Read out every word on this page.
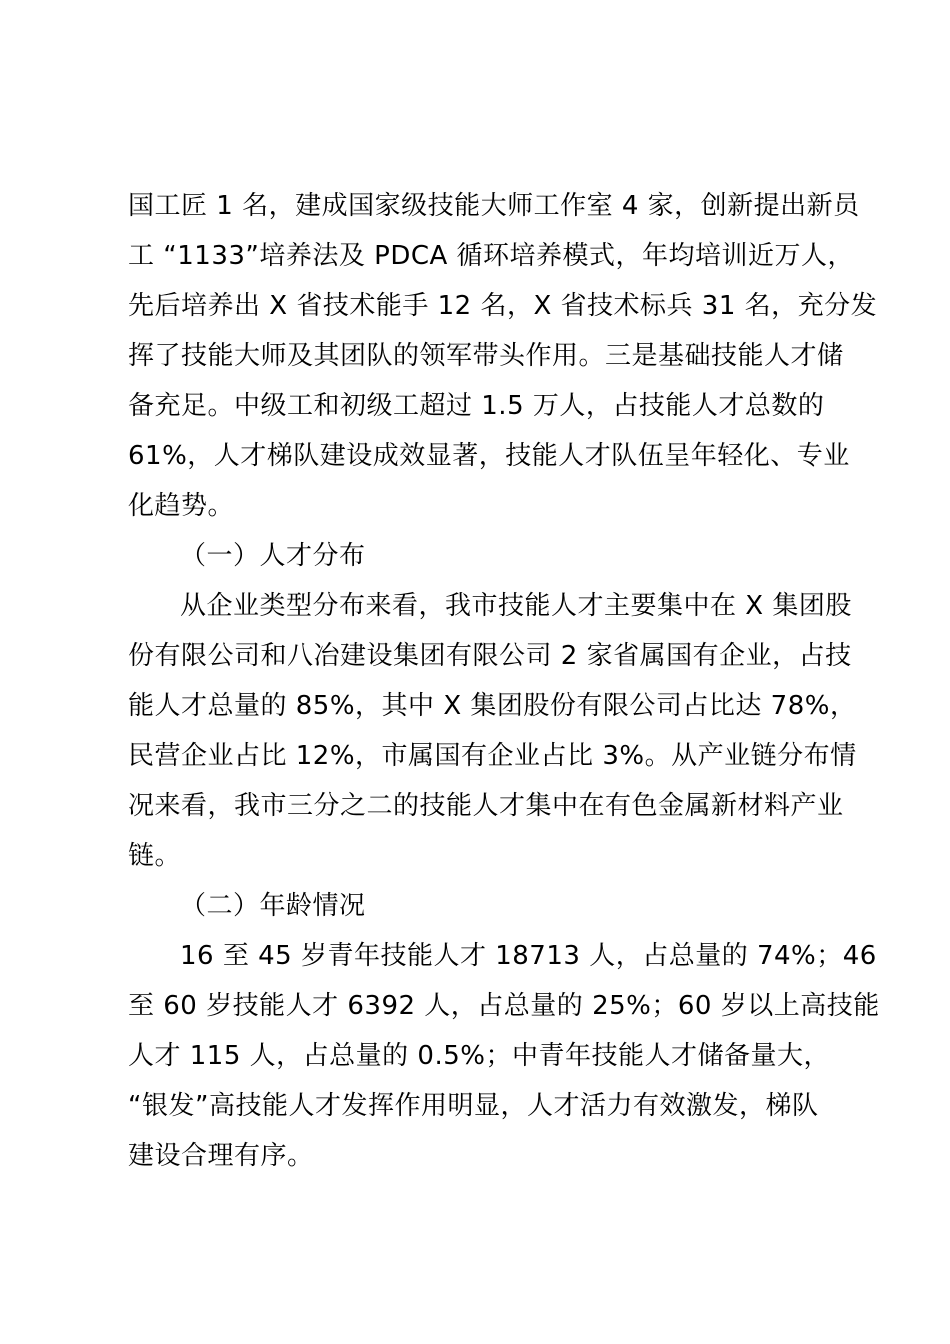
国工匠 1 名，建成国家级技能大师工作室 4 家，创新提出新员
工 “1133”培养法及 PDCA 循环培养模式，年均培训近万人，
先后培养出 X 省技术能手 12 名，X 省技术标兵 31 名，充分发
挥了技能大师及其团队的领军带头作用。三是基础技能人才储
备充足。中级工和初级工超过 1.5 万人，占技能人才总数的
61%，人才梯队建设成效显著，技能人才队伍呈年轻化、专业
化趋势。
（一）人才分布
从企业类型分布来看，我市技能人才主要集中在 X 集团股
份有限公司和八冶建设集团有限公司 2 家省属国有企业，占技
能人才总量的 85%，其中 X 集团股份有限公司占比达 78%，
民营企业占比 12%，市属国有企业占比 3%。从产业链分布情
况来看，我市三分之二的技能人才集中在有色金属新材料产业
链。
（二）年龄情况
16 至 45 岁青年技能人才 18713 人，占总量的 74%；46
至 60 岁技能人才 6392 人，占总量的 25%；60 岁以上高技能
人才 115 人，占总量的 0.5%；中青年技能人才储备量大，
“银发”高技能人才发挥作用明显，人才活力有效激发，梯队
建设合理有序。
